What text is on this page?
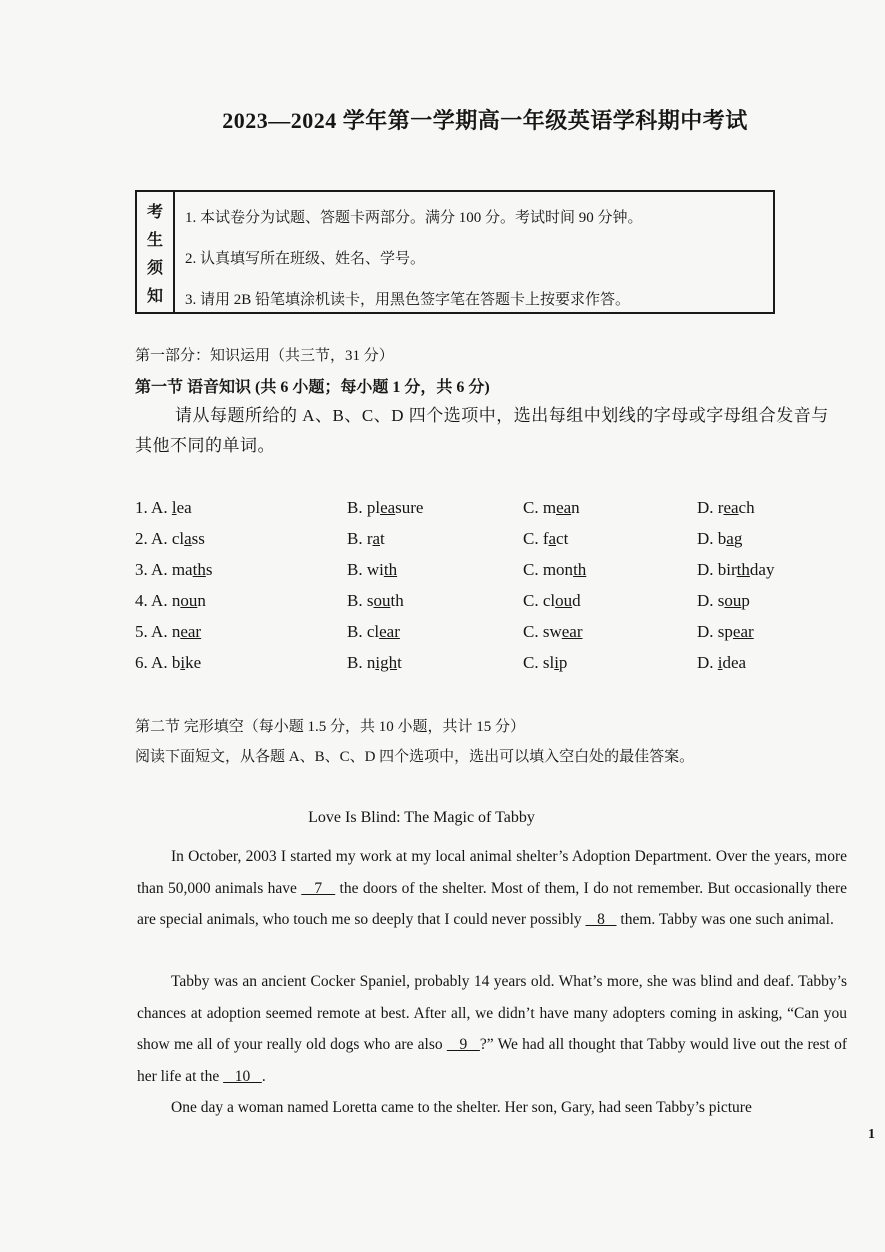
2023—2024 学年第一学期高一年级英语学科期中考试
考
生
须
知
1. 本试卷分为试题、答题卡两部分。满分 100 分。考试时间 90 分钟。
2. 认真填写所在班级、姓名、学号。
3. 请用 2B 铅笔填涂机读卡，用黑色签字笔在答题卡上按要求作答。
第一部分：知识运用（共三节，31 分）
第一节 语音知识 (共 6 小题；每小题 1 分，共 6 分)
请从每题所给的 A、B、C、D 四个选项中，选出每组中划线的字母或字母组合发音与其他不同的单词。
1. A. lea	B. pleasure	C. mean	D. reach
2. A. class	B. rat	C. fact	D. bag
3. A. maths	B. with	C. month	D. birthday
4. A. noun	B. south	C. cloud	D. soup
5. A. near	B. clear	C. swear	D. spear
6. A. bike	B. night	C. slip	D. idea
第二节 完形填空（每小题 1.5 分，共 10 小题，共计 15 分）
阅读下面短文，从各题 A、B、C、D 四个选项中，选出可以填入空白处的最佳答案。
Love Is Blind: The Magic of Tabby
In October, 2003 I started my work at my local animal shelter’s Adoption Department. Over the years, more than 50,000 animals have    7    the doors of the shelter. Most of them, I do not remember. But occasionally there are special animals, who touch me so deeply that I could never possibly    8    them. Tabby was one such animal.
Tabby was an ancient Cocker Spaniel, probably 14 years old. What’s more, she was blind and deaf. Tabby’s chances at adoption seemed remote at best. After all, we didn’t have many adopters coming in asking, “Can you show me all of your really old dogs who are also    9   ?” We had all thought that Tabby would live out the rest of her life at the    10   .
One day a woman named Loretta came to the shelter. Her son, Gary, had seen Tabby’s picture
1
